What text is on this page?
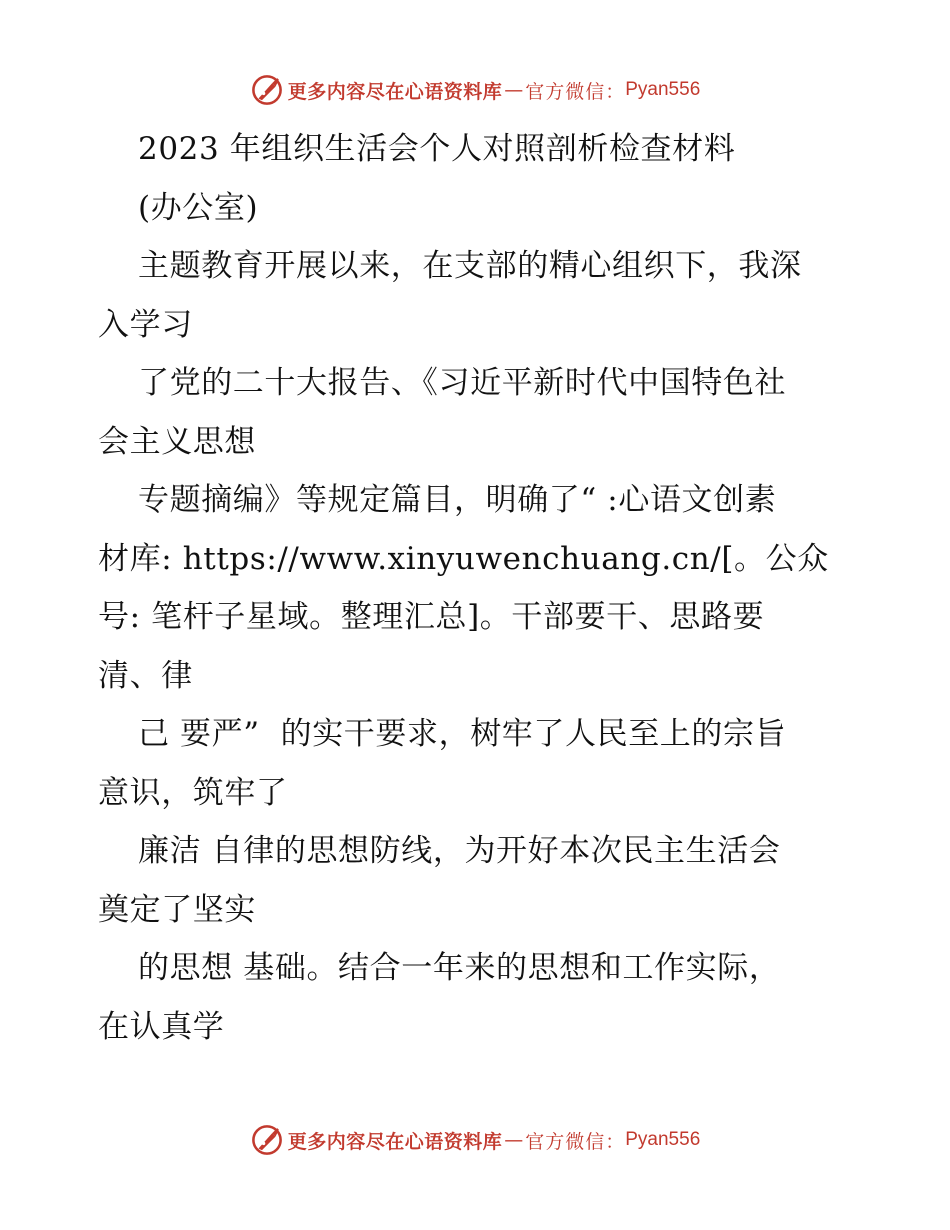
更多内容尽在心语资料库 — 官方微信： Pyan556
2023 年组织生活会个人对照剖析检查材料
(办公室)
主题教育开展以来，在支部的精心组织下，我深
入学习
了党的二十大报告、《习近平新时代中国特色社
会主义思想
专题摘编》等规定篇目，明确了“ :心语文创素
材库: https://www.xinyuwenchuang.cn/[。公众
号: 笔杆子星域。整理汇总]。干部要干、思路要
清、律
己 要严”  的实干要求，树牢了人民至上的宗旨
意识，筑牢了
廉洁 自律的思想防线，为开好本次民主生活会
奠定了坚实
的思想 基础。结合一年来的思想和工作实际，
在认真学
更多内容尽在心语资料库 — 官方微信： Pyan556
